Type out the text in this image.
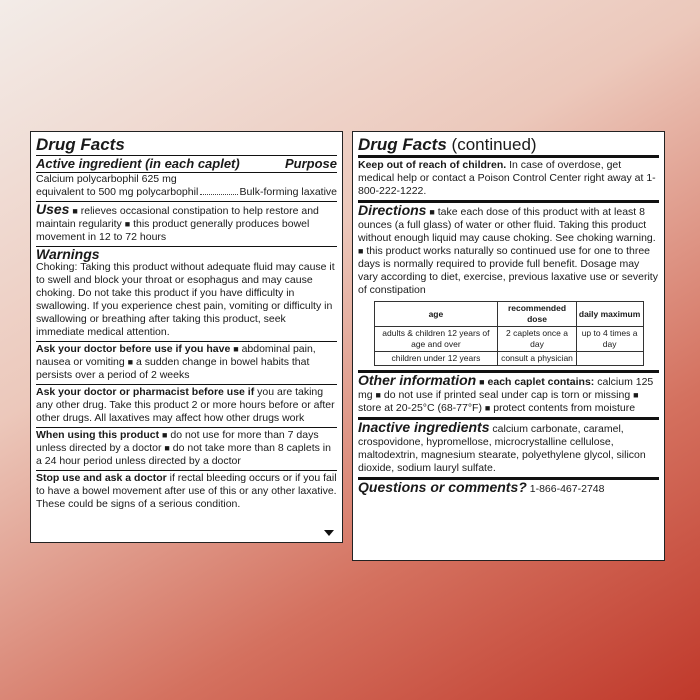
Drug Facts
Active ingredient (in each caplet)	Purpose
Calcium polycarbophil 625 mg
equivalent to 500 mg polycarbophil	Bulk-forming laxative
Uses ■ relieves occasional constipation to help restore and maintain regularity ■ this product generally produces bowel movement in 12 to 72 hours
Warnings
Choking: Taking this product without adequate fluid may cause it to swell and block your throat or esophagus and may cause choking. Do not take this product if you have difficulty in swallowing. If you experience chest pain, vomiting or difficulty in swallowing or breathing after taking this product, seek immediate medical attention.
Ask your doctor before use if you have ■ abdominal pain, nausea or vomiting ■ a sudden change in bowel habits that persists over a period of 2 weeks
Ask your doctor or pharmacist before use if you are taking any other drug. Take this product 2 or more hours before or after other drugs. All laxatives may affect how other drugs work
When using this product ■ do not use for more than 7 days unless directed by a doctor ■ do not take more than 8 caplets in a 24 hour period unless directed by a doctor
Stop use and ask a doctor if rectal bleeding occurs or if you fail to have a bowel movement after use of this or any other laxative. These could be signs of a serious condition.
Drug Facts (continued)
Keep out of reach of children. In case of overdose, get medical help or contact a Poison Control Center right away at 1-800-222-1222.
Directions ■ take each dose of this product with at least 8 ounces (a full glass) of water or other fluid. Taking this product without enough liquid may cause choking. See choking warning.
■ this product works naturally so continued use for one to three days is normally required to provide full benefit. Dosage may vary according to diet, exercise, previous laxative use or severity of constipation
age	recommended dose	daily maximum
adults & children 12 years of age and over	2 caplets once a day	up to 4 times a day
children under 12 years	consult a physician	
Other information ■ each caplet contains: calcium 125 mg ■ do not use if printed seal under cap is torn or missing ■ store at 20-25°C (68-77°F) ■ protect contents from moisture
Inactive ingredients calcium carbonate, caramel, crospovidone, hypromellose, microcrystalline cellulose, maltodextrin, magnesium stearate, polyethylene glycol, silicon dioxide, sodium lauryl sulfate.
Questions or comments? 1-866-467-2748
